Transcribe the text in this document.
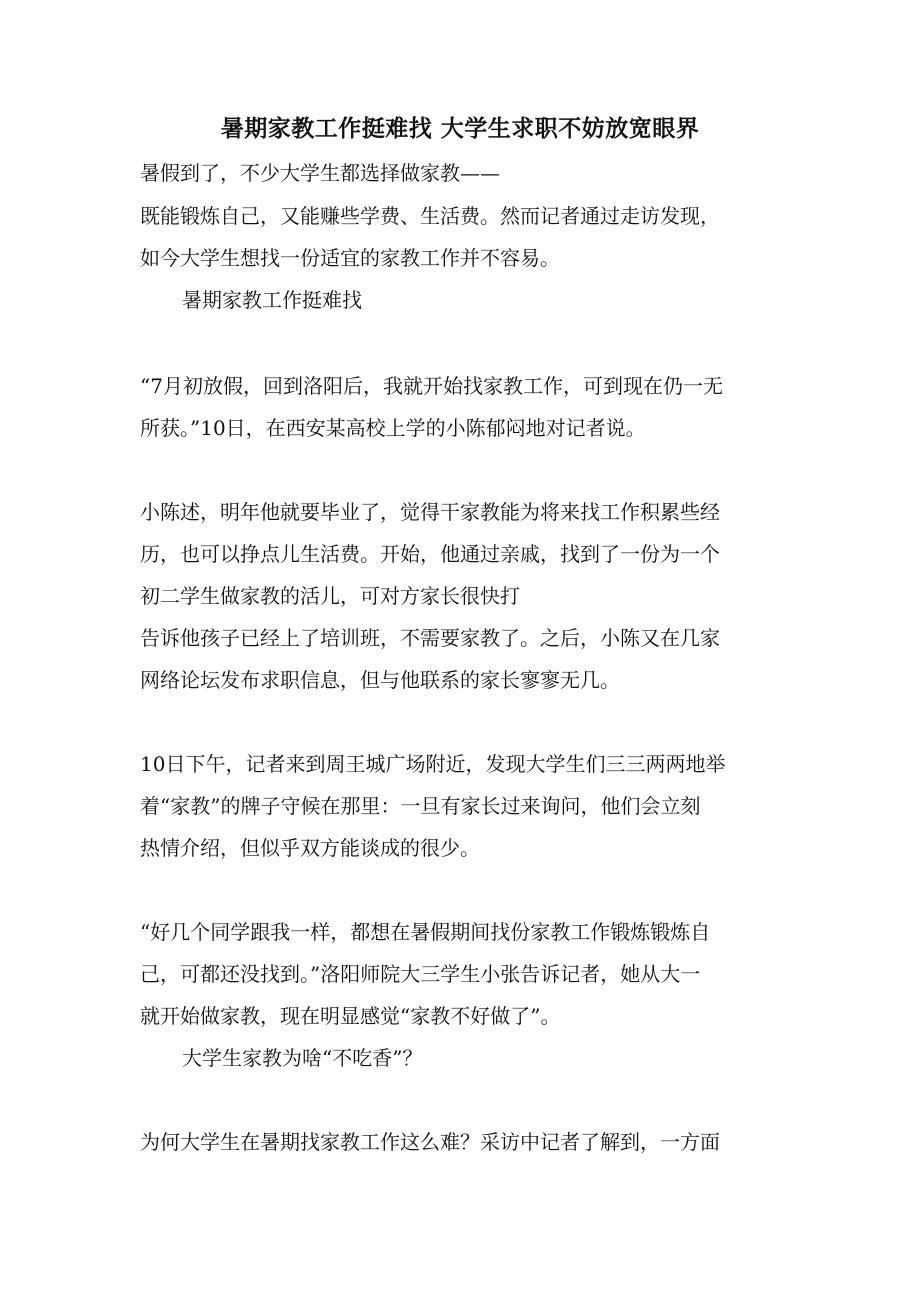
暑期家教工作挺难找 大学生求职不妨放宽眼界
暑假到了，不少大学生都选择做家教——
既能锻炼自己，又能赚些学费、生活费。然而记者通过走访发现，
如今大学生想找一份适宜的家教工作并不容易。
暑期家教工作挺难找
“7月初放假，回到洛阳后，我就开始找家教工作，可到现在仍一无
所获。”10日，在西安某高校上学的小陈郁闷地对记者说。
小陈述，明年他就要毕业了，觉得干家教能为将来找工作积累些经
历，也可以挣点儿生活费。开始，他通过亲戚，找到了一份为一个
初二学生做家教的活儿，可对方家长很快打
告诉他孩子已经上了培训班，不需要家教了。之后，小陈又在几家
网络论坛发布求职信息，但与他联系的家长寥寥无几。
10日下午，记者来到周王城广场附近，发现大学生们三三两两地举
着“家教”的牌子守候在那里：一旦有家长过来询问，他们会立刻
热情介绍，但似乎双方能谈成的很少。
“好几个同学跟我一样，都想在暑假期间找份家教工作锻炼锻炼自
己，可都还没找到。”洛阳师院大三学生小张告诉记者，她从大一
就开始做家教，现在明显感觉“家教不好做了”。
大学生家教为啥“不吃香”？
为何大学生在暑期找家教工作这么难？采访中记者了解到，一方面
